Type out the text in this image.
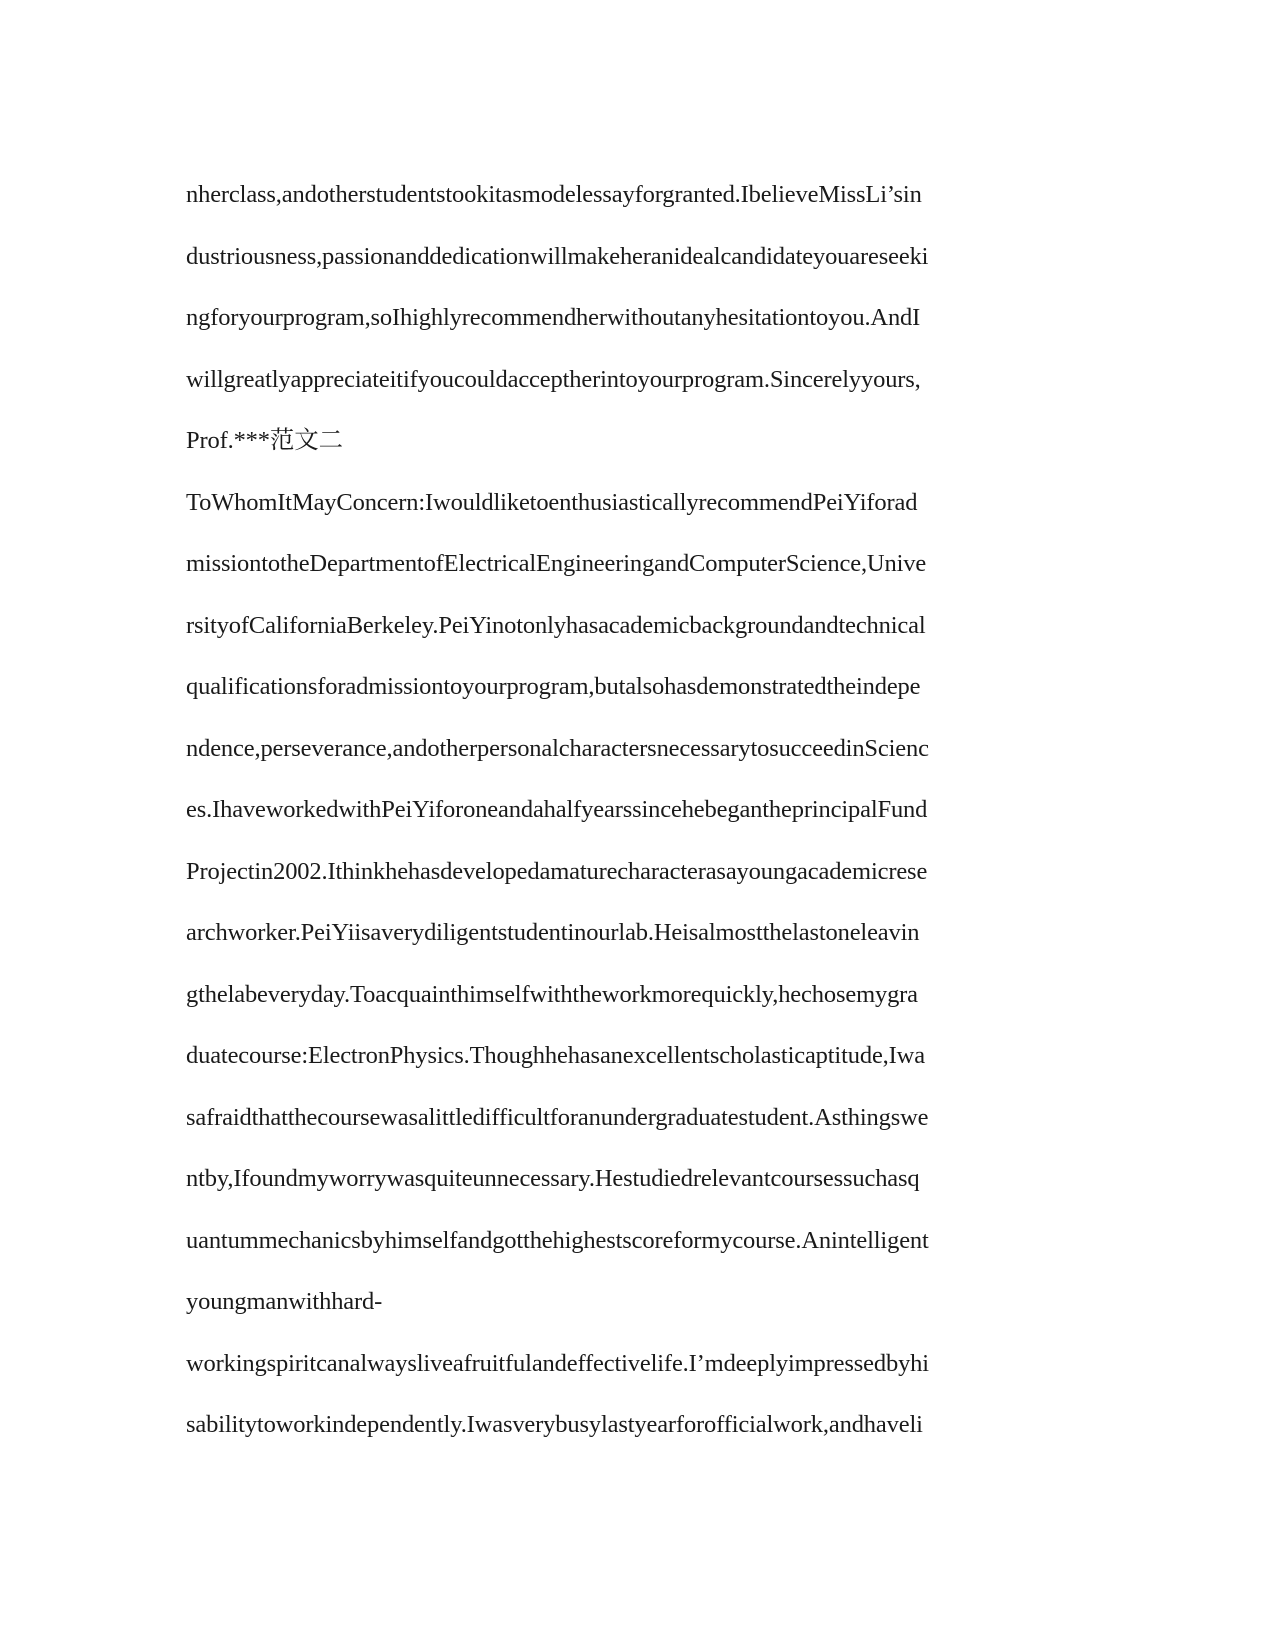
nherclass,andotherstudentstookitasmodelessayforgranted.IbelieveMissLi’sin
dustriousness,passionanddedicationwillmakeheranidealcandidateyouareseeki
ngforyourprogram,soIhighlyrecommendherwithoutanyhesitationtoyou.AndI
willgreatlyappreciateitifyoucouldacceptherintoyourprogram.Sincerelyyours,
Prof.***范文二
ToWhomItMayConcern:IwouldliketoenthusiasticallyrecommendPeiYiforad
missiontotheDepartmentofElectricalEngineeringandComputerScience,Unive
rsityofCaliforniaBerkeley.PeiYinotonlyhasacademicbackgroundandtechnical
qualificationsforadmissiontoyourprogram,butalsohasdemonstratedtheindepe
ndence,perseverance,andotherpersonalcharactersnecessarytosucceedinScienc
es.IhaveworkedwithPeiYiforoneandahalfyearssincehebegantheprincipalFund
Projectin2002.Ithinkhehasdevelopedamaturecharacterasayoungacademicrese
archworker.PeiYiisaverydiligentstudentinourlab.Heisalmostthelastoneleavin
gthelabeveryday.Toacquainthimselfwiththeworkmorequickly,hechosemygra
duatecourse:ElectronPhysics.Thoughhehasanexcellentscholasticaptitude,Iwa
safraidthatthecoursewasalittledifficultforanundergraduatestudent.Asthingswe
ntby,Ifoundmyworrywasquiteunnecessary.Hestudiedrelevantcoursessuchasq
uantummechanicsbyhimselfandgotthehighestscoreformycourse.Anintelligent
youngmanwithhard-
workingspiritcanalwaysliveafruitfulandeffectivelife.I’mdeeplyimpressedbyhi
sabilitytoworkindependently.Iwasverybusylastyearforofficialwork,andhaveli
